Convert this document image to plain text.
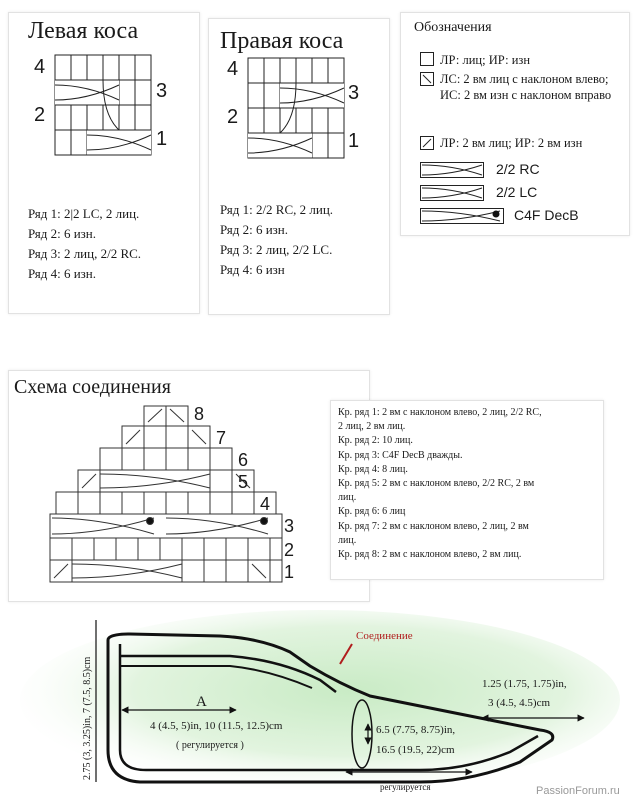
Левая коса
4
3
2
1
Ряд 1: 2|2 LC, 2 лиц.
Ряд 2: 6 изн.
Ряд 3: 2 лиц, 2/2 RC.
Ряд 4: 6 изн.
Правая коса
4
3
2
1
Ряд 1: 2/2 RC, 2 лиц.
Ряд 2: 6 изн.
Ряд 3: 2 лиц, 2/2 LC.
Ряд 4: 6 изн
Обозначения
ЛР: лиц; ИР: изн
ЛС: 2 вм лиц с наклоном влево; ИС: 2 вм изн с наклоном вправо
ЛР: 2 вм лиц; ИР: 2 вм изн
2/2 RC
2/2 LC
C4F DecB
Схема соединения
8
7
6
5
4
3
2
1
Кр. ряд 1: 2 вм с наклоном влево, 2 лиц, 2/2 RC,
2 лиц, 2 вм лиц.
Кр. ряд 2: 10 лиц.
Кр. ряд 3: C4F DecB дважды.
Кр. ряд 4: 8 лиц.
Кр. ряд 5: 2 вм с наклоном влево, 2/2 RC, 2 вм
лиц.
Кр. ряд 6: 6 лиц
Кр. ряд 7: 2 вм с наклоном влево, 2 лиц, 2 вм
лиц.
Кр. ряд 8: 2 вм с наклоном влево, 2 вм лиц.
Соединение
A
4 (4.5, 5)in, 10 (11.5, 12.5)cm
( регулируется )
2.75 (3, 3.25)in, 7 (7.5, 8.5)cm	6.5 (7.75, 8.75)in,
16.5 (19.5, 22)cm
1.25 (1.75, 1.75)in,
3 (4.5, 4.5)cm
регулируется	PassionForum.ru
